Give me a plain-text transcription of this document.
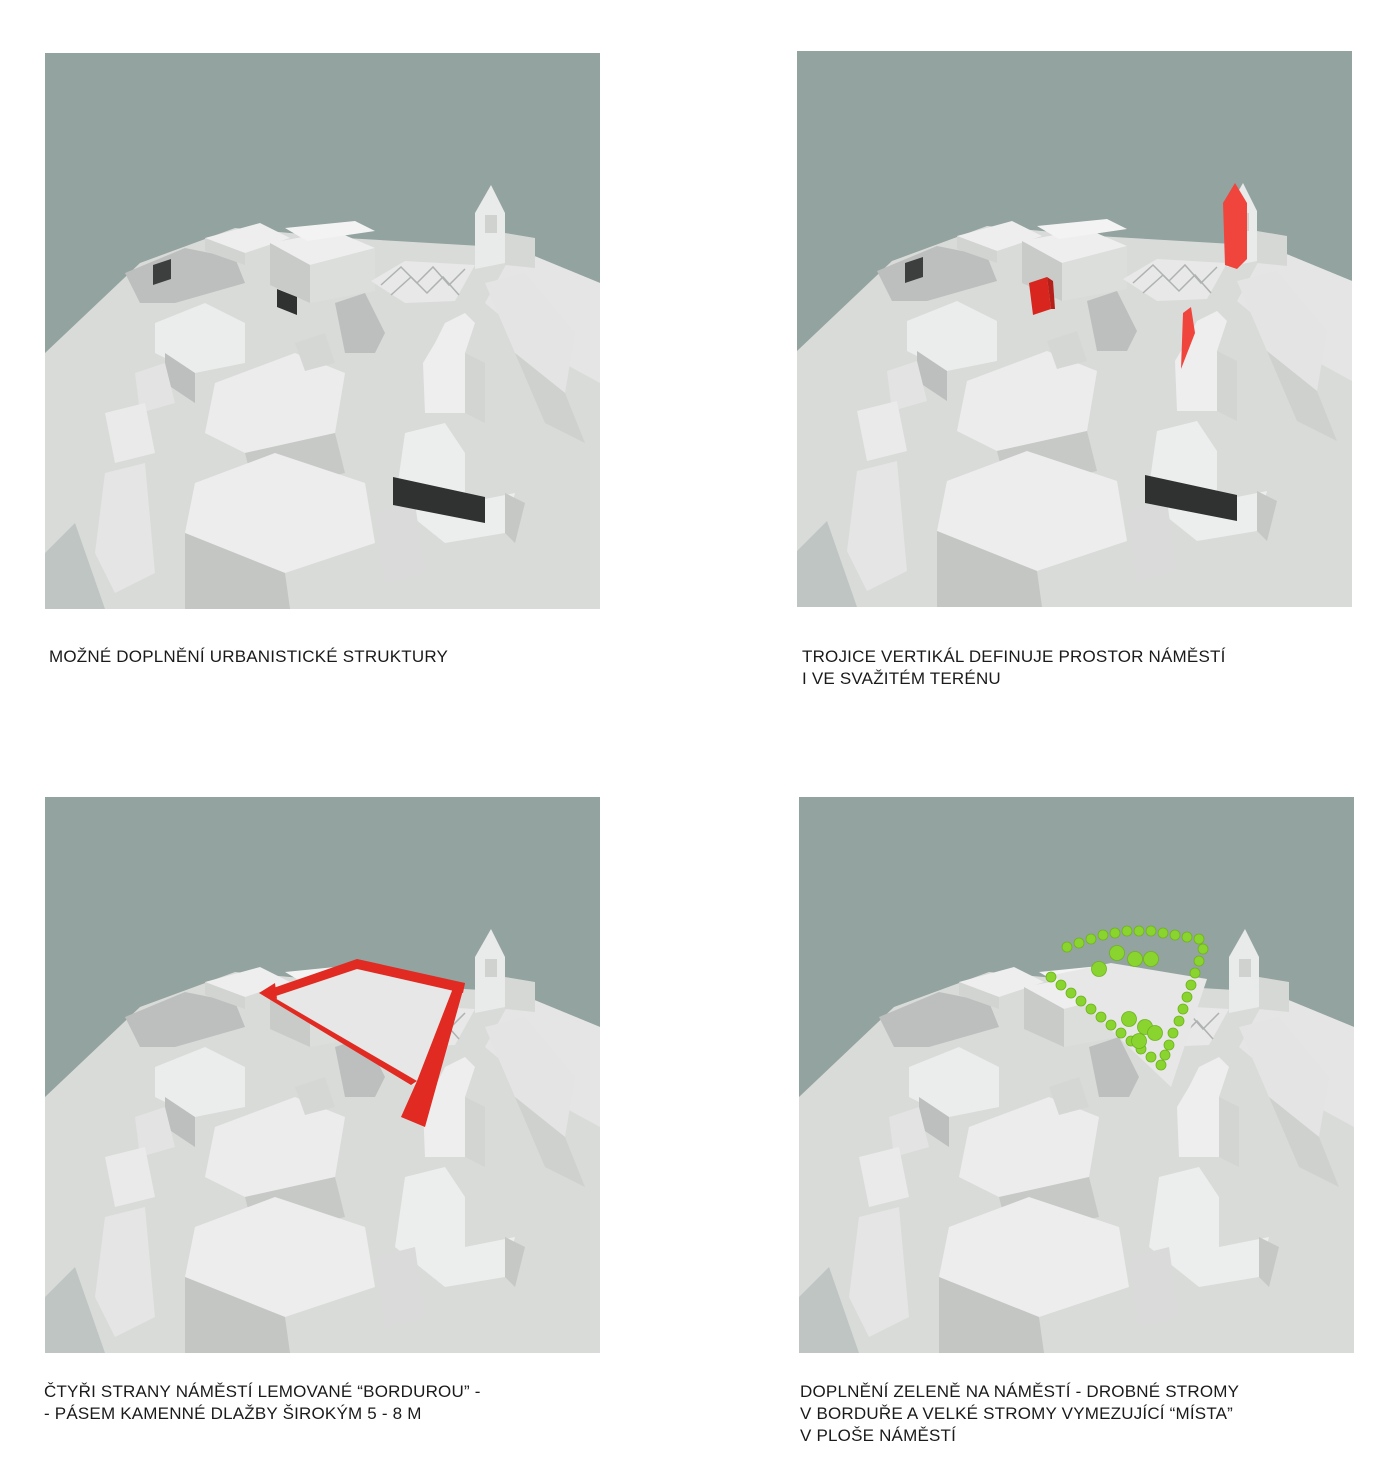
MOŽNÉ DOPLNĚNÍ URBANISTICKÉ STRUKTURY	TROJICE VERTIKÁL DEFINUJE PROSTOR NÁMĚSTÍ
I VE SVAŽITÉM TERÉNU
ČTYŘI STRANY NÁMĚSTÍ LEMOVANÉ “BORDUROU” -
- PÁSEM KAMENNÉ DLAŽBY ŠIROKÝM 5 - 8 M
DOPLNĚNÍ ZELENĚ NA NÁMĚSTÍ - DROBNÉ STROMY
V BORDUŘE A VELKÉ STROMY VYMEZUJÍCÍ “MÍSTA”
V PLOŠE NÁMĚSTÍ
